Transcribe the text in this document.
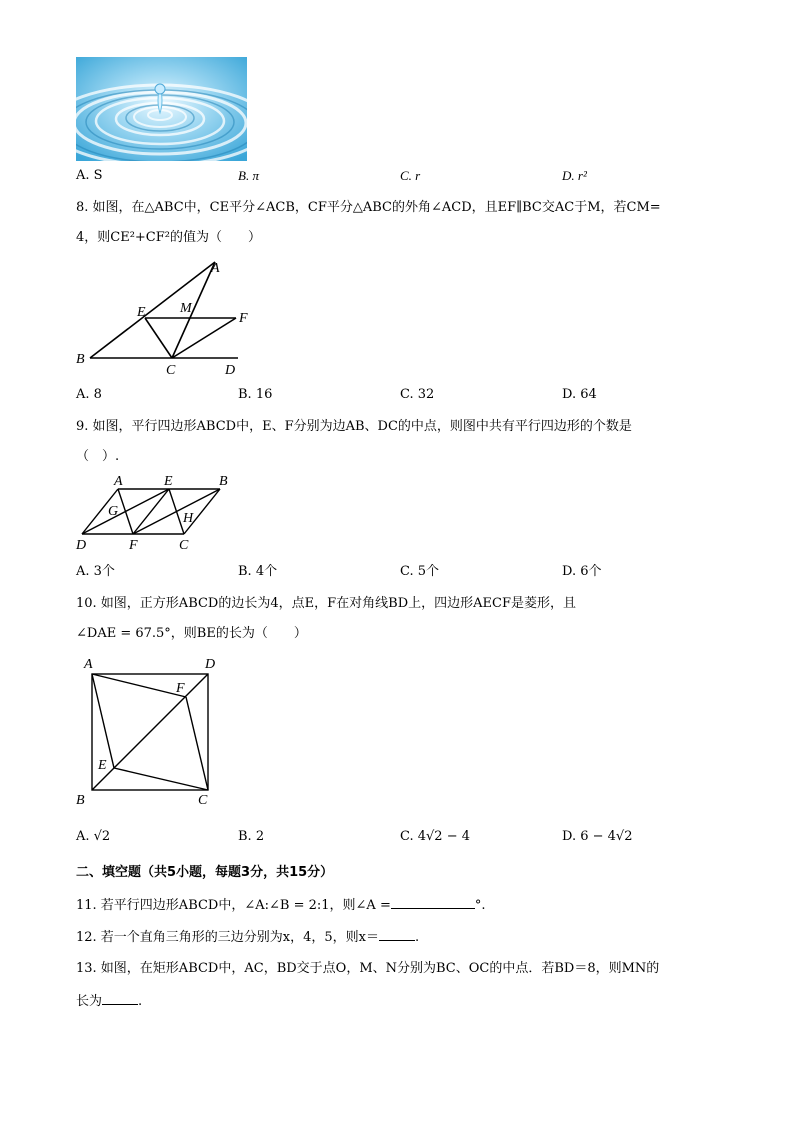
A. S	B. π	C. r	D. r²
8. 如图，在△ABC中，CE平分∠ACB，CF平分△ABC的外角∠ACD，且EF∥BC交AC于M，若CM=
4，则CE²+CF²的值为（　　）
A
E M
F
B
C	D
A. 8	B. 16	C. 32	D. 64
9. 如图，平行四边形ABCD中，E、F分别为边AB、DC的中点，则图中共有平行四边形的个数是
（　）.
A	E	B
G	H
D	F	C
A. 3个	B. 4个	C. 5个	D. 6个
10. 如图，正方形ABCD的边长为4，点E，F在对角线BD上，四边形AECF是菱形，且
∠DAE = 67.5°，则BE的长为（　　）
A	D
F
E
B	C
A. √2	B. 2	C. 4√2 − 4	D. 6 − 4√2
二、填空题（共5小题，每题3分，共15分）
11. 若平行四边形ABCD中，∠A:∠B = 2:1，则∠A =	°.
12. 若一个直角三角形的三边分别为x，4，5，则x＝	.
13. 如图，在矩形ABCD中，AC，BD交于点O，M、N分别为BC、OC的中点．若BD＝8，则MN的
长为	.
